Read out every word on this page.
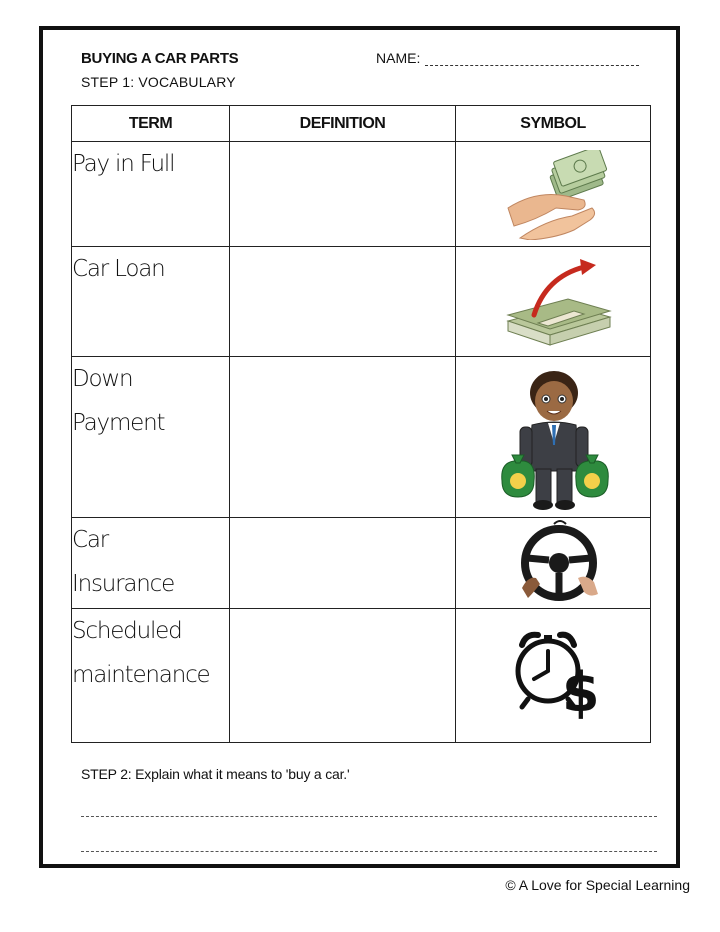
BUYING A CAR PARTS
STEP 1: VOCABULARY
NAME:
TERM	DEFINITION	SYMBOL

Pay in Full

Car Loan

Down
Payment

Car
Insurance

Scheduled
maintenance		$
STEP 2: Explain what it means to 'buy a car.'
© A Love for Special Learning
